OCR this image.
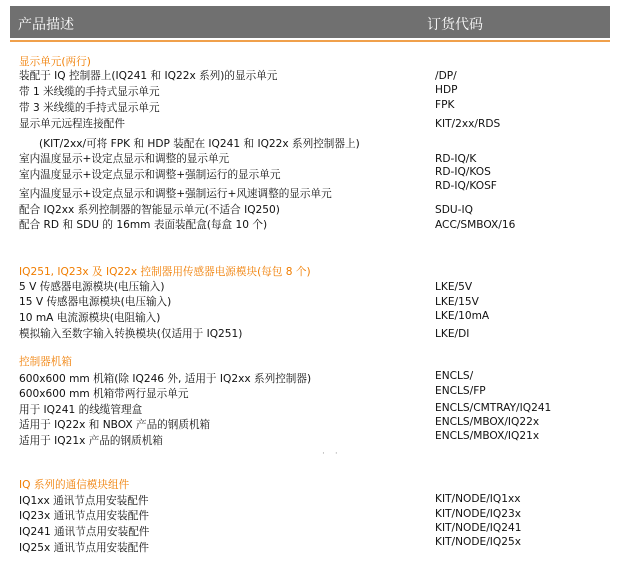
产品描述	订货代码
显示单元(两行)
装配于 IQ 控制器上(IQ241 和 IQ22x 系列)的显示单元
带 1 米线缆的手持式显示单元
带 3 米线缆的手持式显示单元
显示单元远程连接配件
(KIT/2xx/可将 FPK 和 HDP 装配在 IQ241 和 IQ22x 系列控制器上)
室内温度显示+设定点显示和调整的显示单元
室内温度显示+设定点显示和调整+强制运行的显示单元
室内温度显示+设定点显示和调整+强制运行+风速调整的显示单元
配合 IQ2xx 系列控制器的智能显示单元(不适合 IQ250)
配合 RD 和 SDU 的 16mm 表面装配盒(每盒 10 个)
/DP/
HDP
FPK
KIT/2xx/RDS
RD-IQ/K
RD-IQ/KOS
RD-IQ/KOSF
SDU-IQ
ACC/SMBOX/16
IQ251, IQ23x 及 IQ22x 控制器用传感器电源模块(每包 8 个)
5 V 传感器电源模块(电压输入)
15 V 传感器电源模块(电压输入)
10 mA 电流源模块(电阻输入)
模拟输入至数字输入转换模块(仅适用于 IQ251)
LKE/5V
LKE/15V
LKE/10mA
LKE/DI
控制器机箱
600x600 mm 机箱(除 IQ246 外, 适用于 IQ2xx 系列控制器)
600x600 mm 机箱带两行显示单元
用于 IQ241 的线缆管理盒
适用于 IQ22x 和 NBOX 产品的钢质机箱
适用于 IQ21x 产品的钢质机箱
ENCLS/
ENCLS/FP
ENCLS/CMTRAY/IQ241
ENCLS/MBOX/IQ22x
ENCLS/MBOX/IQ21x
··
IQ 系列的通信模块组件
IQ1xx 通讯节点用安装配件
IQ23x 通讯节点用安装配件
IQ241 通讯节点用安装配件
IQ25x 通讯节点用安装配件
KIT/NODE/IQ1xx
KIT/NODE/IQ23x
KIT/NODE/IQ241
KIT/NODE/IQ25x
